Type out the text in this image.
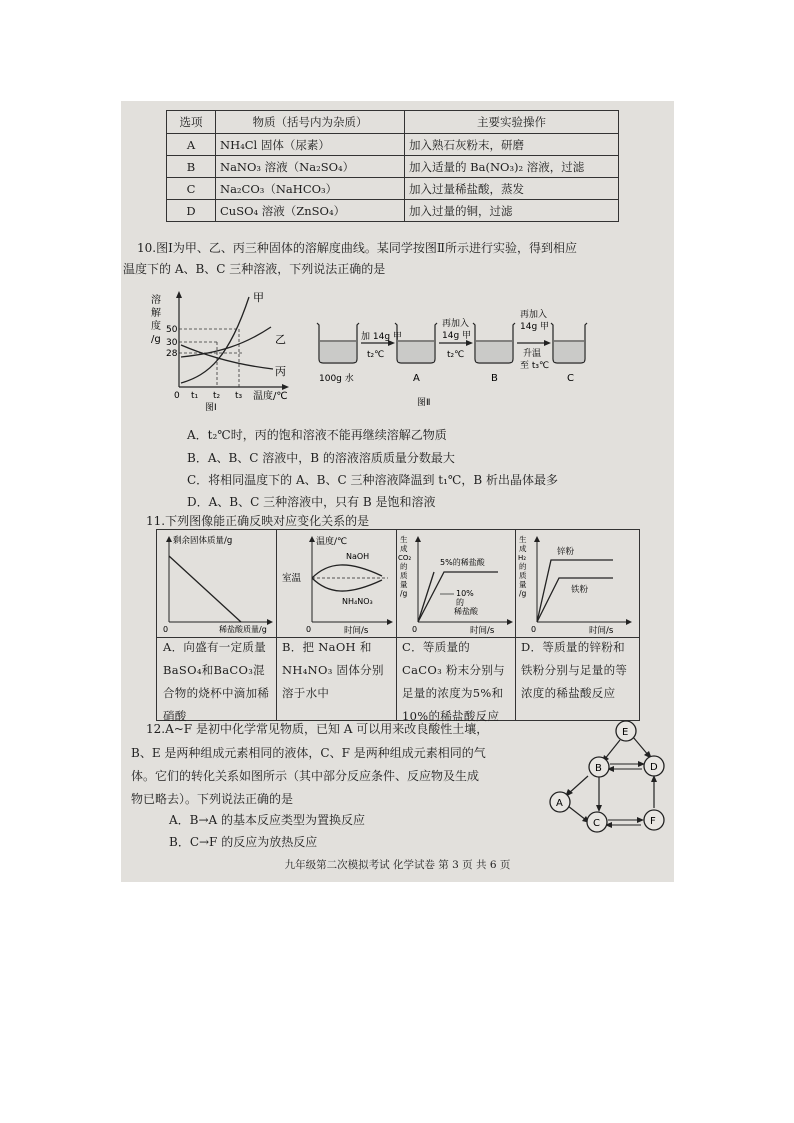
选项	物质（括号内为杂质）	主要实验操作
A	NH₄Cl 固体（尿素）	加入熟石灰粉末，研磨
B	NaNO₃ 溶液（Na₂SO₄）	加入适量的 Ba(NO₃)₂ 溶液，过滤
C	Na₂CO₃（NaHCO₃）	加入过量稀盐酸，蒸发
D	CuSO₄ 溶液（ZnSO₄）	加入过量的铜，过滤
10.图Ⅰ为甲、乙、丙三种固体的溶解度曲线。某同学按图Ⅱ所示进行实验，得到相应
温度下的 A、B、C 三种溶液，下列说法正确的是
溶
解
度
/g
50
30
28
甲
乙
丙
0 t₁ t₂ t₃ 温度/℃
图Ⅰ
加 14g 甲
t₂℃
再加入
14g 甲
t₂℃
再加入
14g 甲
升温
至 t₃℃
100g 水	A	B	C
图Ⅱ
A．t₂℃时，丙的饱和溶液不能再继续溶解乙物质
B．A、B、C 溶液中，B 的溶液溶质质量分数最大
C．将相同温度下的 A、B、C 三种溶液降温到 t₁℃，B 析出晶体最多
D．A、B、C 三种溶液中，只有 B 是饱和溶液
11.下列图像能正确反映对应变化关系的是
剩余固体质量/g
0	稀盐酸质量/g
温度/℃
室温
NaOH
NH₄NO₃
0	时间/s
生
成
CO₂
的
质
量
/g
5%的稀盐酸
10%
的
稀盐酸
0	时间/s
生
成
H₂
的
质
量
/g
锌粉
铁粉
0	时间/s
A．向盛有一定质量BaSO₄和BaCO₃混合物的烧杯中滴加稀硝酸
B．把 NaOH 和 NH₄NO₃ 固体分别溶于水中
C．等质量的 CaCO₃ 粉末分别与足量的浓度为5%和10%的稀盐酸反应
D．等质量的锌粉和铁粉分别与足量的等浓度的稀盐酸反应
12.A~F 是初中化学常见物质，已知 A 可以用来改良酸性土壤，
B、E 是两种组成元素相同的液体，C、F 是两种组成元素相同的气
体。它们的转化关系如图所示（其中部分反应条件、反应物及生成
物已略去）。下列说法正确的是
A．B→A 的基本反应类型为置换反应
B．C→F 的反应为放热反应
E
B	D
A
C	F
九年级第二次模拟考试 化学试卷 第 3 页 共 6 页
